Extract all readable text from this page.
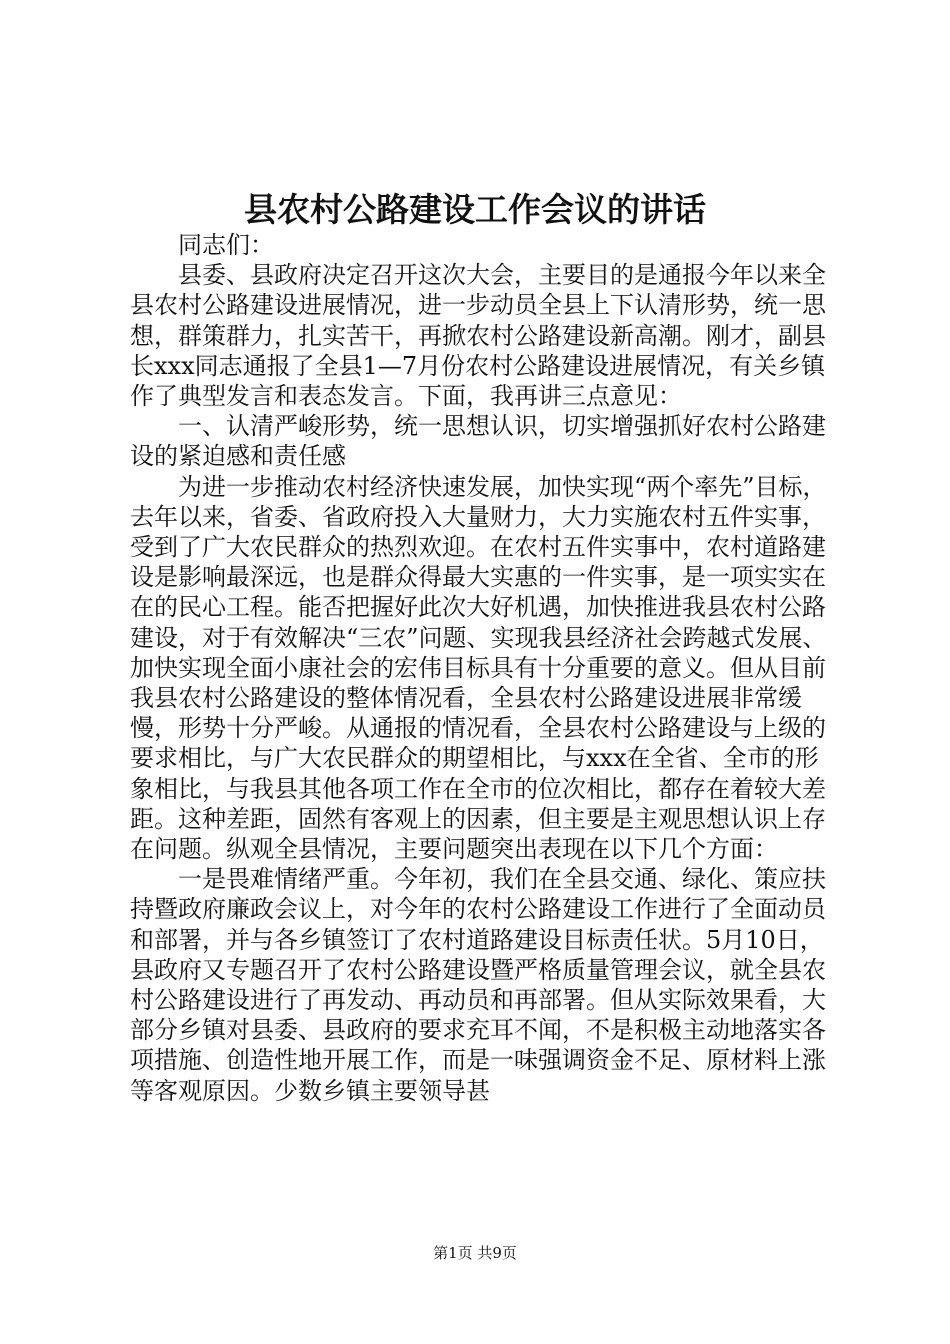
县农村公路建设工作会议的讲话

同志们：

县委、县政府决定召开这次大会，主要目的是通报今年以来全县农村公路建设进展情况，进一步动员全县上下认清形势，统一思想，群策群力，扎实苦干，再掀农村公路建设新高潮。刚才，副县长xxx同志通报了全县1—7月份农村公路建设进展情况，有关乡镇作了典型发言和表态发言。下面，我再讲三点意见：

一、认清严峻形势，统一思想认识，切实增强抓好农村公路建设的紧迫感和责任感

为进一步推动农村经济快速发展，加快实现“两个率先”目标，去年以来，省委、省政府投入大量财力，大力实施农村五件实事，受到了广大农民群众的热烈欢迎。在农村五件实事中，农村道路建设是影响最深远，也是群众得最大实惠的一件实事，是一项实实在在的民心工程。能否把握好此次大好机遇，加快推进我县农村公路建设，对于有效解决“三农”问题、实现我县经济社会跨越式发展、加快实现全面小康社会的宏伟目标具有十分重要的意义。但从目前我县农村公路建设的整体情况看，全县农村公路建设进展非常缓慢，形势十分严峻。从通报的情况看，全县农村公路建设与上级的要求相比，与广大农民群众的期望相比，与xxx在全省、全市的形象相比，与我县其他各项工作在全市的位次相比，都存在着较大差距。这种差距，固然有客观上的因素，但主要是主观思想认识上存在问题。纵观全县情况，主要问题突出表现在以下几个方面：

一是畏难情绪严重。今年初，我们在全县交通、绿化、策应扶持暨政府廉政会议上，对今年的农村公路建设工作进行了全面动员和部署，并与各乡镇签订了农村道路建设目标责任状。5月10日，县政府又专题召开了农村公路建设暨严格质量管理会议，就全县农村公路建设进行了再发动、再动员和再部署。但从实际效果看，大部分乡镇对县委、县政府的要求充耳不闻，不是积极主动地落实各项措施、创造性地开展工作，而是一味强调资金不足、原材料上涨等客观原因。少数乡镇主要领导甚

第1页 共9页
